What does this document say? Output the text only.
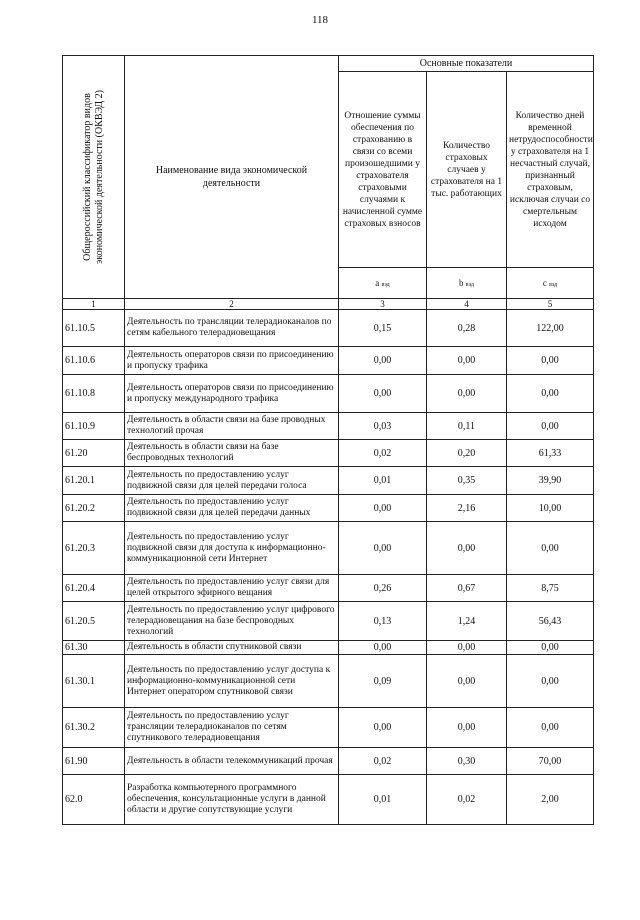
118
Общероссийский классификатор видов экономической деятельности (ОКВЭД 2)	Наименование вида экономической деятельности	Основные показатели		
		Отношение суммы обеспечения по страхованию в связи со всеми произошедшими у страхователя страховыми случаями к начисленной сумме страховых взносов	Количество страховых случаев у страхователя на 1 тыс. работающих	Количество дней временной нетрудоспособности у страхователя на 1 несчастный случай, признанный страховым, исключая случаи со смертельным исходом
		a вэд	b вэд	c вэд
1	2	3	4	5
61.10.5	Деятельность по трансляции телерадиоканалов по сетям кабельного телерадиовещания	0,15	0,28	122,00
61.10.6	Деятельность операторов связи по присоединению и пропуску трафика	0,00	0,00	0,00
61.10.8	Деятельность операторов связи по присоединению и пропуску международного трафика	0,00	0,00	0,00
61.10.9	Деятельность в области связи на базе проводных технологий прочая	0,03	0,11	0,00
61.20	Деятельность в области связи на базе беспроводных технологий	0,02	0,20	61,33
61.20.1	Деятельность по предоставлению услуг подвижной связи для целей передачи голоса	0,01	0,35	39,90
61.20.2	Деятельность по предоставлению услуг подвижной связи для целей передачи данных	0,00	2,16	10,00
61.20.3	Деятельность по предоставлению услуг подвижной связи для доступа к информационно-коммуникационной сети Интернет	0,00	0,00	0,00
61.20.4	Деятельность по предоставлению услуг связи для целей открытого эфирного вещания	0,26	0,67	8,75
61.20.5	Деятельность по предоставлению услуг цифрового телерадиовещания на базе беспроводных технологий	0,13	1,24	56,43
61.30	Деятельность в области спутниковой связи	0,00	0,00	0,00
61.30.1	Деятельность по предоставлению услуг доступа к информационно-коммуникационной сети Интернет оператором спутниковой связи	0,09	0,00	0,00
61.30.2	Деятельность по предоставлению услуг трансляции телерадиоканалов по сетям спутникового телерадиовещания	0,00	0,00	0,00
61.90	Деятельность в области телекоммуникаций прочая	0,02	0,30	70,00
62.0	Разработка компьютерного программного обеспечения, консультационные услуги в данной области и другие сопутствующие услуги	0,01	0,02	2,00
